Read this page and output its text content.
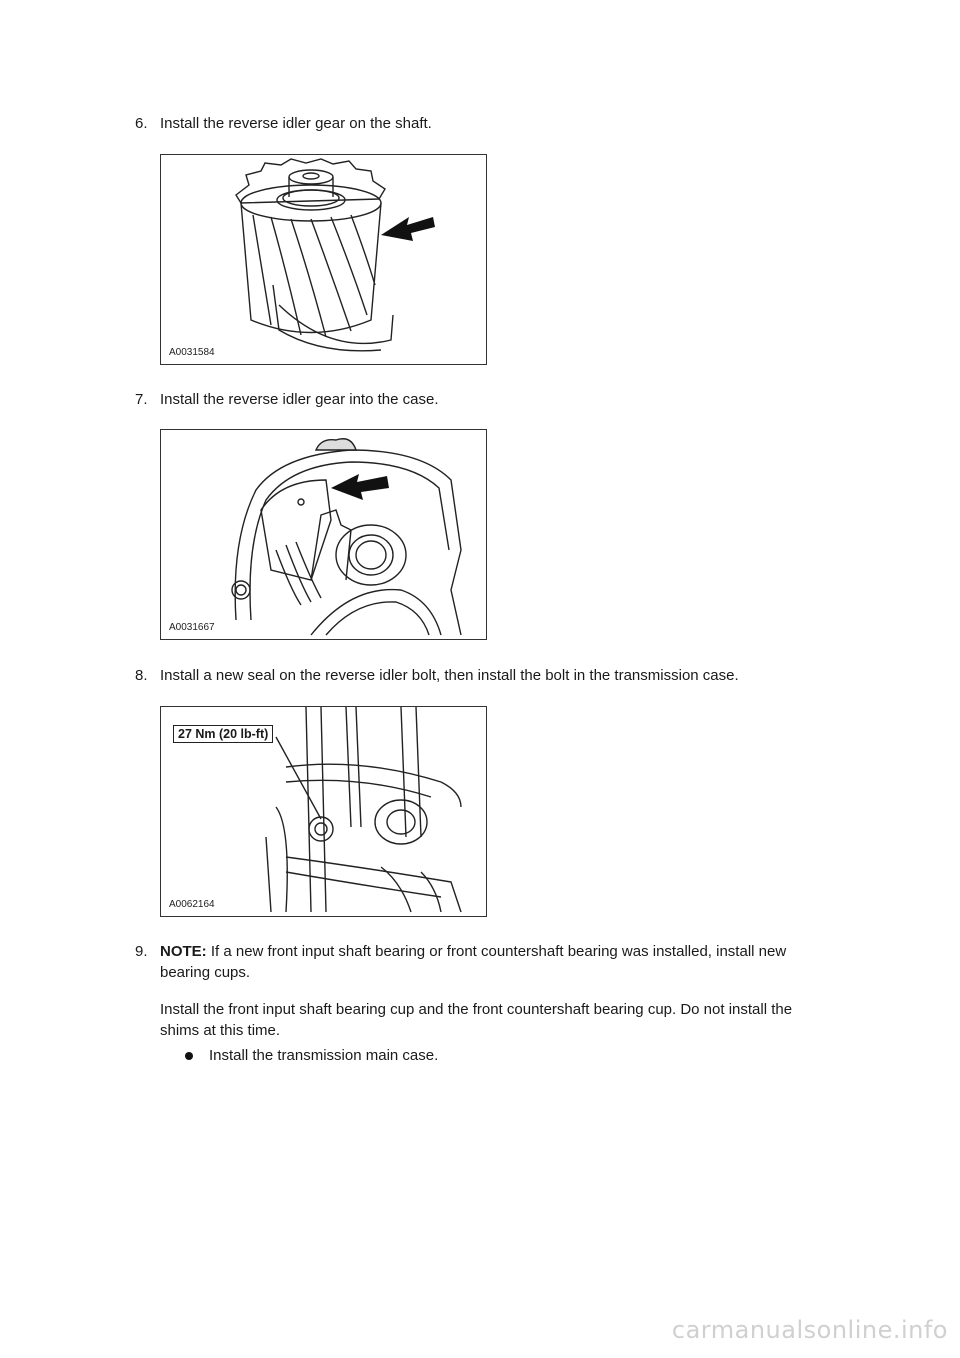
6. Install the reverse idler gear on the shaft.
A0031584
7. Install the reverse idler gear into the case.
A0031667
8. Install a new seal on the reverse idler bolt, then install the bolt in the transmission case.
27 Nm (20 lb-ft)
A0062164
9. NOTE: If a new front input shaft bearing or front countershaft bearing was installed, install new
bearing cups.
Install the front input shaft bearing cup and the front countershaft bearing cup. Do not install the
shims at this time.
Install the transmission main case.
carmanualsonline.info
